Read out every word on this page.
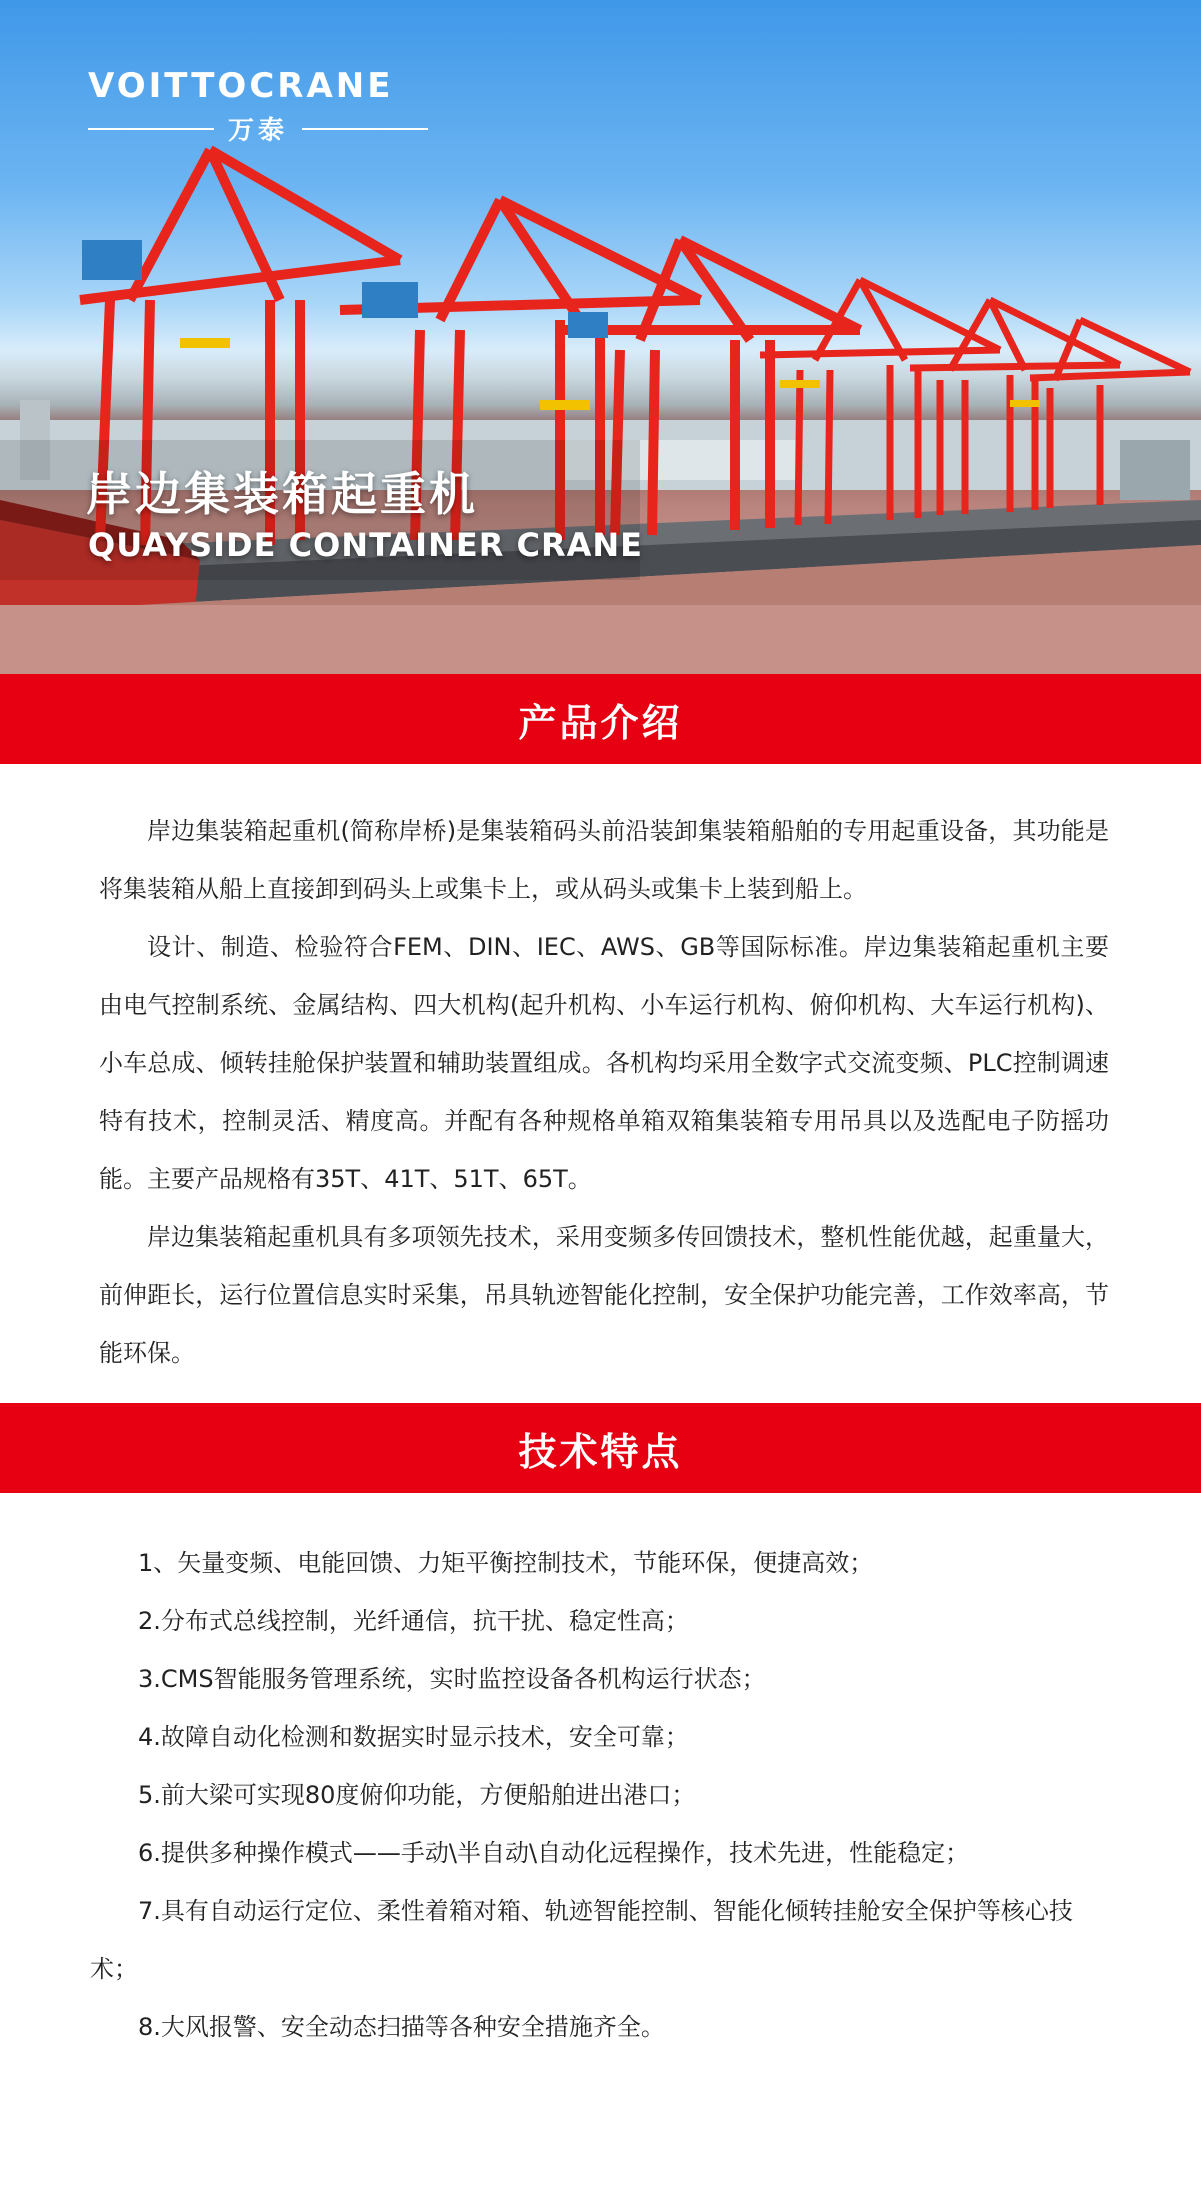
VOITTOCRANE
万泰
岸边集装箱起重机
QUAYSIDE CONTAINER CRANE
产品介绍

岸边集装箱起重机(简称岸桥)是集装箱码头前沿装卸集装箱船舶的专用起重设备，其功能是将集装箱从船上直接卸到码头上或集卡上，或从码头或集卡上装到船上。

设计、制造、检验符合FEM、DIN、IEC、AWS、GB等国际标准。岸边集装箱起重机主要由电气控制系统、金属结构、四大机构(起升机构、小车运行机构、俯仰机构、大车运行机构)、小车总成、倾转挂舱保护装置和辅助装置组成。各机构均采用全数字式交流变频、PLC控制调速特有技术，控制灵活、精度高。并配有各种规格单箱双箱集装箱专用吊具以及选配电子防摇功能。主要产品规格有35T、41T、51T、65T。

岸边集装箱起重机具有多项领先技术，采用变频多传回馈技术，整机性能优越，起重量大，前伸距长，运行位置信息实时采集，吊具轨迹智能化控制，安全保护功能完善，工作效率高，节能环保。

技术特点

1、矢量变频、电能回馈、力矩平衡控制技术，节能环保，便捷高效；

2.分布式总线控制，光纤通信，抗干扰、稳定性高；

3.CMS智能服务管理系统，实时监控设备各机构运行状态；

4.故障自动化检测和数据实时显示技术，安全可靠；

5.前大梁可实现80度俯仰功能，方便船舶进出港口；

6.提供多种操作模式——手动\半自动\自动化远程操作，技术先进，性能稳定；

7.具有自动运行定位、柔性着箱对箱、轨迹智能控制、智能化倾转挂舱安全保护等核心技术；

8.大风报警、安全动态扫描等各种安全措施齐全。
